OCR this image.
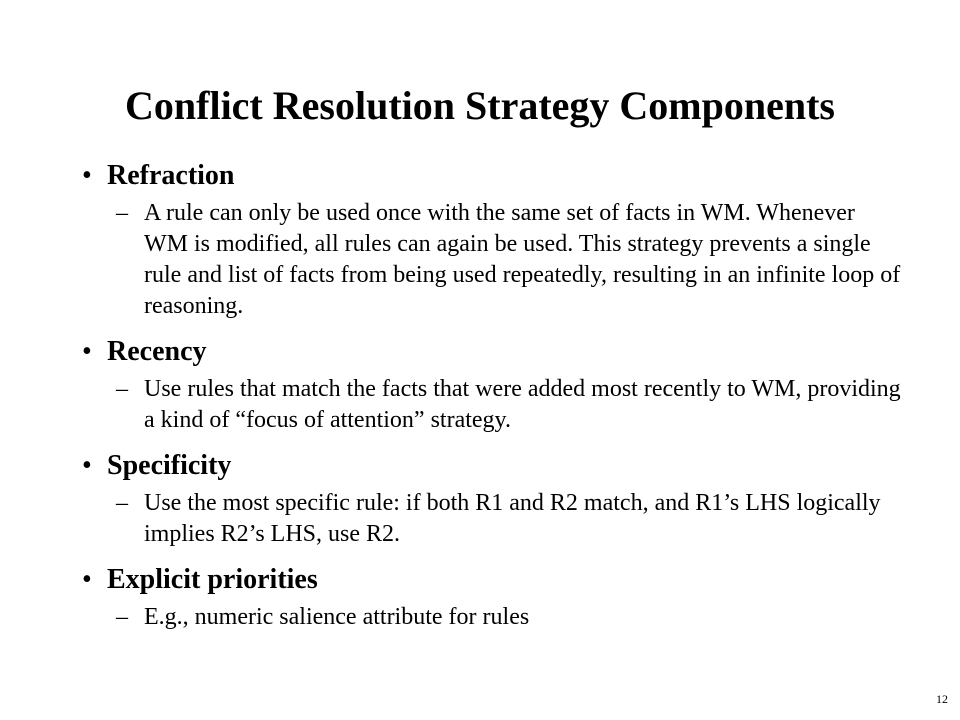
Conflict Resolution Strategy Components
• Refraction
– A rule can only be used once with the same set of facts in WM. Whenever WM is modified, all rules can again be used. This strategy prevents a single rule and list of facts from being used repeatedly, resulting in an infinite loop of reasoning.
• Recency
– Use rules that match the facts that were added most recently to WM, providing a kind of “focus of attention” strategy.
• Specificity
– Use the most specific rule: if both R1 and R2 match, and R1’s LHS logically implies R2’s LHS, use R2.
• Explicit priorities
– E.g., numeric salience attribute for rules
12
